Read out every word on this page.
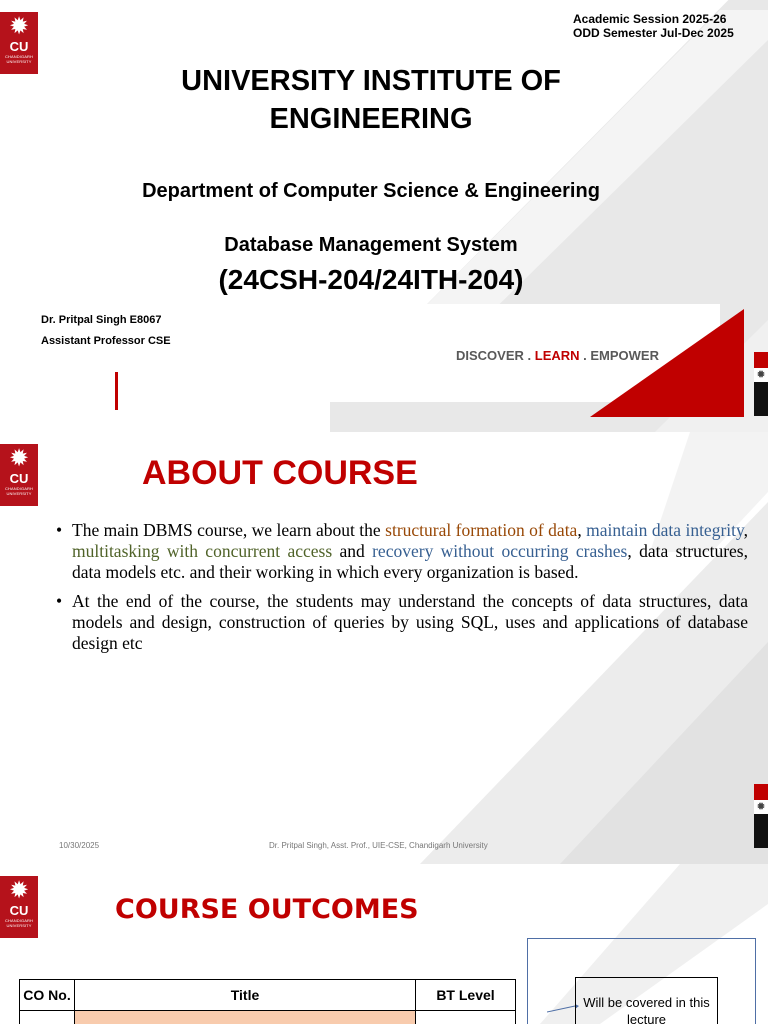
✹
CU
CHANDIGARH UNIVERSITY
Academic Session 2025-26
ODD Semester Jul-Dec 2025
UNIVERSITY INSTITUTE OF ENGINEERING
Department of Computer Science & Engineering
Database Management System
(24CSH-204/24ITH-204)
Dr. Pritpal Singh E8067
Assistant Professor CSE
DISCOVER . LEARN . EMPOWER
✹
✹
CU
CHANDIGARH UNIVERSITY
ABOUT COURSE
• The main DBMS course, we learn about the structural formation of data, maintain data integrity, multitasking with concurrent access and recovery without occurring crashes, data structures, data models etc. and their working in which every organization is based.
• At the end of the course, the students may understand the concepts of data structures, data models and design, construction of queries by using SQL, uses and applications of database design etc
10/30/2025	Dr. Pritpal Singh, Asst. Prof., UIE-CSE, Chandigarh University
✹
✹
CU
CHANDIGARH UNIVERSITY
COURSE OUTCOMES
CO No.	Title	BT Level
			Will be covered in this lecture
